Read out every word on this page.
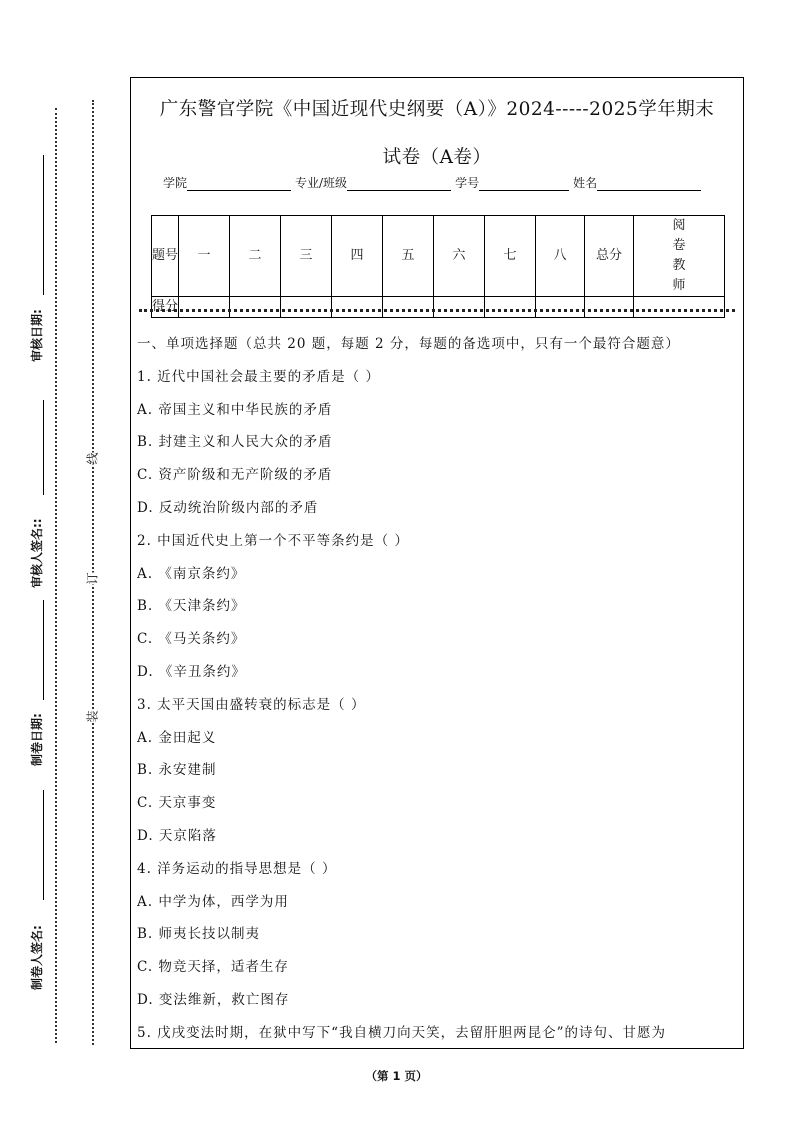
审核日期:
审核人签名::
制卷日期:
制卷人签名:
线
订
装
广东警官学院《中国近现代史纲要（A）》2024-----2025学年期末
试卷（A卷）
学院	专业/班级	学号	姓名
题号	一	二	三	四	五	六	七	八	总分	阅卷教师
得分										
一、单项选择题（总共 20 题，每题 2 分，每题的备选项中，只有一个最符合题意）
1. 近代中国社会最主要的矛盾是（ ）
A. 帝国主义和中华民族的矛盾
B. 封建主义和人民大众的矛盾
C. 资产阶级和无产阶级的矛盾
D. 反动统治阶级内部的矛盾
2. 中国近代史上第一个不平等条约是（ ）
A. 《南京条约》
B. 《天津条约》
C. 《马关条约》
D. 《辛丑条约》
3. 太平天国由盛转衰的标志是（ ）
A. 金田起义
B. 永安建制
C. 天京事变
D. 天京陷落
4. 洋务运动的指导思想是（ ）
A. 中学为体，西学为用
B. 师夷长技以制夷
C. 物竞天择，适者生存
D. 变法维新，救亡图存
5. 戊戌变法时期，在狱中写下“我自横刀向天笑，去留肝胆两昆仑”的诗句、甘愿为
（第 1 页）
